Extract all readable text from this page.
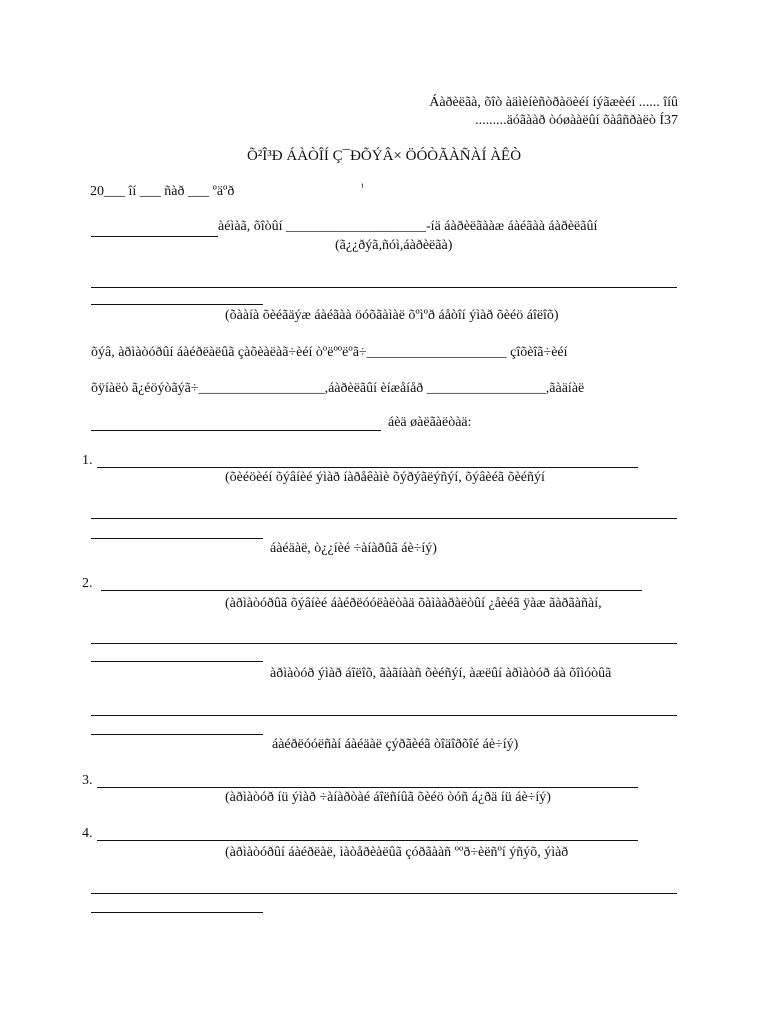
Áàðèëãà, õîò àäìèíèñòðàöèéí íýãæèéí ...... îíû
.........äóãààð òóøààëûí õàâñðàëò Í37
Õ²Î³Ð ÁÀÒÎÍ Ç¯ÐÕÝÂ× ÖÓÒÃÀÑÀÍ ÀÊÒ
20___ îí ___ ñàð ___ ºäºð	¹
àéìàã, õîòûí ____________________-íä áàðèëãààæ áàéãàà áàðèëãûí
(ã¿¿ðýã,ñóì,áàðèëãà)
(õààíà õèéãäýæ áàéãàà öóõãàìàë õºìºð áåòîí ýìàð õèéö áîëîõ)
õýâ, àðìàòóðûí áàéðëàëûã çàõèàëàã÷èéí òºëººëºã÷____________________ çîõèîã÷èéí
õÿíàëò ã¿éöýòãýã÷__________________,áàðèëãûí èíæåíåð _________________,ãàäíàë
áèä øàëãàëòàä:
1.
(õèéöèéí õýâíèé ýìàð íàðåêàìè õýðýãëýñýí, õýâèéã õèéñýí
áàéäàë, ò¿¿íèé ÷àíàðûã áè÷íý)
2.
(àðìàòóðûã õýâíèé áàéðëóóëàëòàä õàìààðàëòûí ¿åèéã ÿàæ ãàðãàñàí,
àðìàòóð ýìàð áîëîõ, ãàãíààñ õèéñýí, àæëûí àðìàòóð áà õîìóòûã
áàéðëóóëñàí áàéäàë çýðãèéã òîäîðõîé áè÷íý)
3.
(àðìàòóð íü ýìàð ÷àíàðòàé áîëñíûã õèéö òóñ á¿ðä íü áè÷íý)
4.
(àðìàòóðûí áàéðëàë, ìàòåðèàëûã çóðãààñ ººð÷èëñºí ýñýõ, ýìàð
